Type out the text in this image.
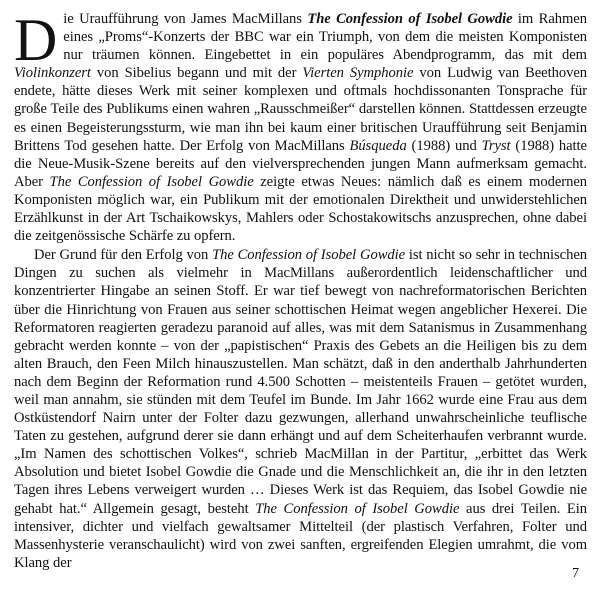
Die Uraufführung von James MacMillans The Confession of Isobel Gowdie im Rahmen eines „Proms“-Konzerts der BBC war ein Triumph, von dem die meisten Komponisten nur träumen können. Eingebettet in ein populäres Abendprogramm, das mit dem Violinkonzert von Sibelius begann und mit der Vierten Symphonie von Ludwig van Beethoven endete, hätte dieses Werk mit seiner komplexen und oftmals hochdissonanten Tonsprache für große Teile des Publikums einen wahren „Rausschmeißer“ darstellen können. Stattdessen erzeugte es einen Begeisterungssturm, wie man ihn bei kaum einer britischen Uraufführung seit Benjamin Brittens Tod gesehen hatte. Der Erfolg von MacMillans Búsqueda (1988) und Tryst (1988) hatte die Neue-Musik-Szene bereits auf den vielversprechenden jungen Mann aufmerksam gemacht. Aber The Confession of Isobel Gowdie zeigte etwas Neues: nämlich daß es einem modernen Komponisten möglich war, ein Publikum mit der emotionalen Direktheit und unwiderstehlichen Erzählkunst in der Art Tschaikowskys, Mahlers oder Schostakowitschs anzusprechen, ohne dabei die zeitgenössische Schärfe zu opfern.

Der Grund für den Erfolg von The Confession of Isobel Gowdie ist nicht so sehr in technischen Dingen zu suchen als vielmehr in MacMillans außerordentlich leidenschaftlicher und konzentrierter Hingabe an seinen Stoff. Er war tief bewegt von nachreformatorischen Berichten über die Hinrichtung von Frauen aus seiner schottischen Heimat wegen angeblicher Hexerei. Die Reformatoren reagierten geradezu paranoid auf alles, was mit dem Satanismus in Zusammenhang gebracht werden konnte – von der „papistischen“ Praxis des Gebets an die Heiligen bis zu dem alten Brauch, den Feen Milch hinauszustellen. Man schätzt, daß in den anderthalb Jahrhunderten nach dem Beginn der Reformation rund 4.500 Schotten – meistenteils Frauen – getötet wurden, weil man annahm, sie stünden mit dem Teufel im Bunde. Im Jahr 1662 wurde eine Frau aus dem Ostküstendorf Nairn unter der Folter dazu gezwungen, allerhand unwahrscheinliche teuflische Taten zu gestehen, aufgrund derer sie dann erhängt und auf dem Scheiterhaufen verbrannt wurde. „Im Namen des schottischen Volkes“, schrieb MacMillan in der Partitur, „erbittet das Werk Absolution und bietet Isobel Gowdie die Gnade und die Menschlichkeit an, die ihr in den letzten Tagen ihres Lebens verweigert wurden … Dieses Werk ist das Requiem, das Isobel Gowdie nie gehabt hat.“ Allgemein gesagt, besteht The Confession of Isobel Gowdie aus drei Teilen. Ein intensiver, dichter und vielfach gewaltsamer Mittelteil (der plastisch Verfahren, Folter und Massenhysterie veranschaulicht) wird von zwei sanften, ergreifenden Elegien umrahmt, die vom Klang der

7
